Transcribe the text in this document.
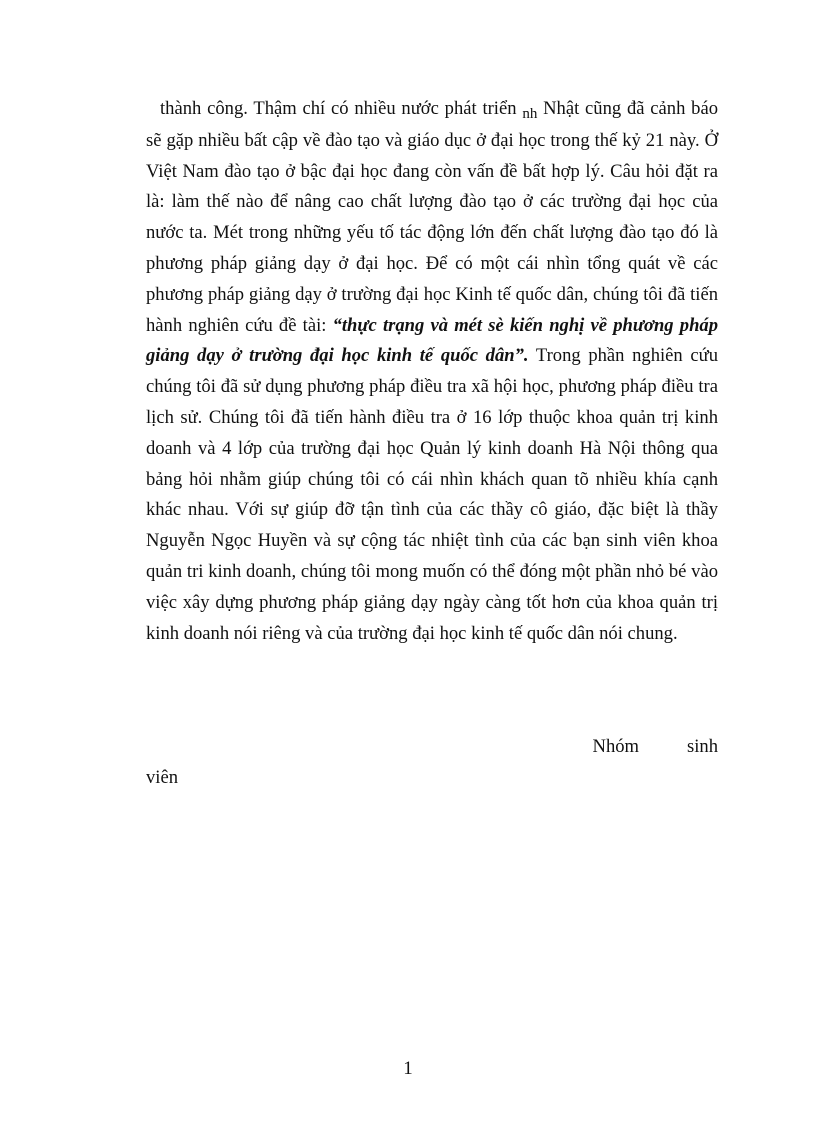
thành công. Thậm chí có nhiều nước phát triển $_{nh}$ Nhật cũng đã cảnh báo sẽ gặp nhiều bất cập về đào tạo và giáo dục ở đại học trong thế kỷ 21 này. Ở Việt Nam đào tạo ở bậc đại học đang còn vấn đề bất hợp lý. Câu hỏi đặt ra là: làm thế nào để nâng cao chất lượng đào tạo ở các trường đại học của nước ta. Mét trong những yếu tố tác động lớn đến chất lượng đào tạo đó là phương pháp giảng dạy ở đại học. Để có một cái nhìn tổng quát về các phương pháp giảng dạy ở trường đại học Kinh tế quốc dân, chúng tôi đã tiến hành nghiên cứu đề tài: “thực trạng và mét sè kiến nghị về phương pháp giảng dạy ở trường đại học kinh tế quốc dân”. Trong phần nghiên cứu chúng tôi đã sử dụng phương pháp điều tra xã hội học, phương pháp điều tra lịch sử. Chúng tôi đã tiến hành điều tra ở 16 lớp thuộc khoa quản trị kinh doanh và 4 lớp của trường đại học Quản lý kinh doanh Hà Nội thông qua bảng hỏi nhằm giúp chúng tôi có cái nhìn khách quan tõ nhiều khía cạnh khác nhau. Với sự giúp đỡ tận tình của các thầy cô giáo, đặc biệt là thầy Nguyễn Ngọc Huyền và sự cộng tác nhiệt tình của các bạn sinh viên khoa quản tri kinh doanh, chúng tôi mong muốn có thể đóng một phần nhỏ bé vào việc xây dựng phương pháp giảng dạy ngày càng tốt hơn của khoa quản trị kinh doanh nói riêng và của trường đại học kinh tế quốc dân nói chung.

Nhóm	sinh
viên
1
